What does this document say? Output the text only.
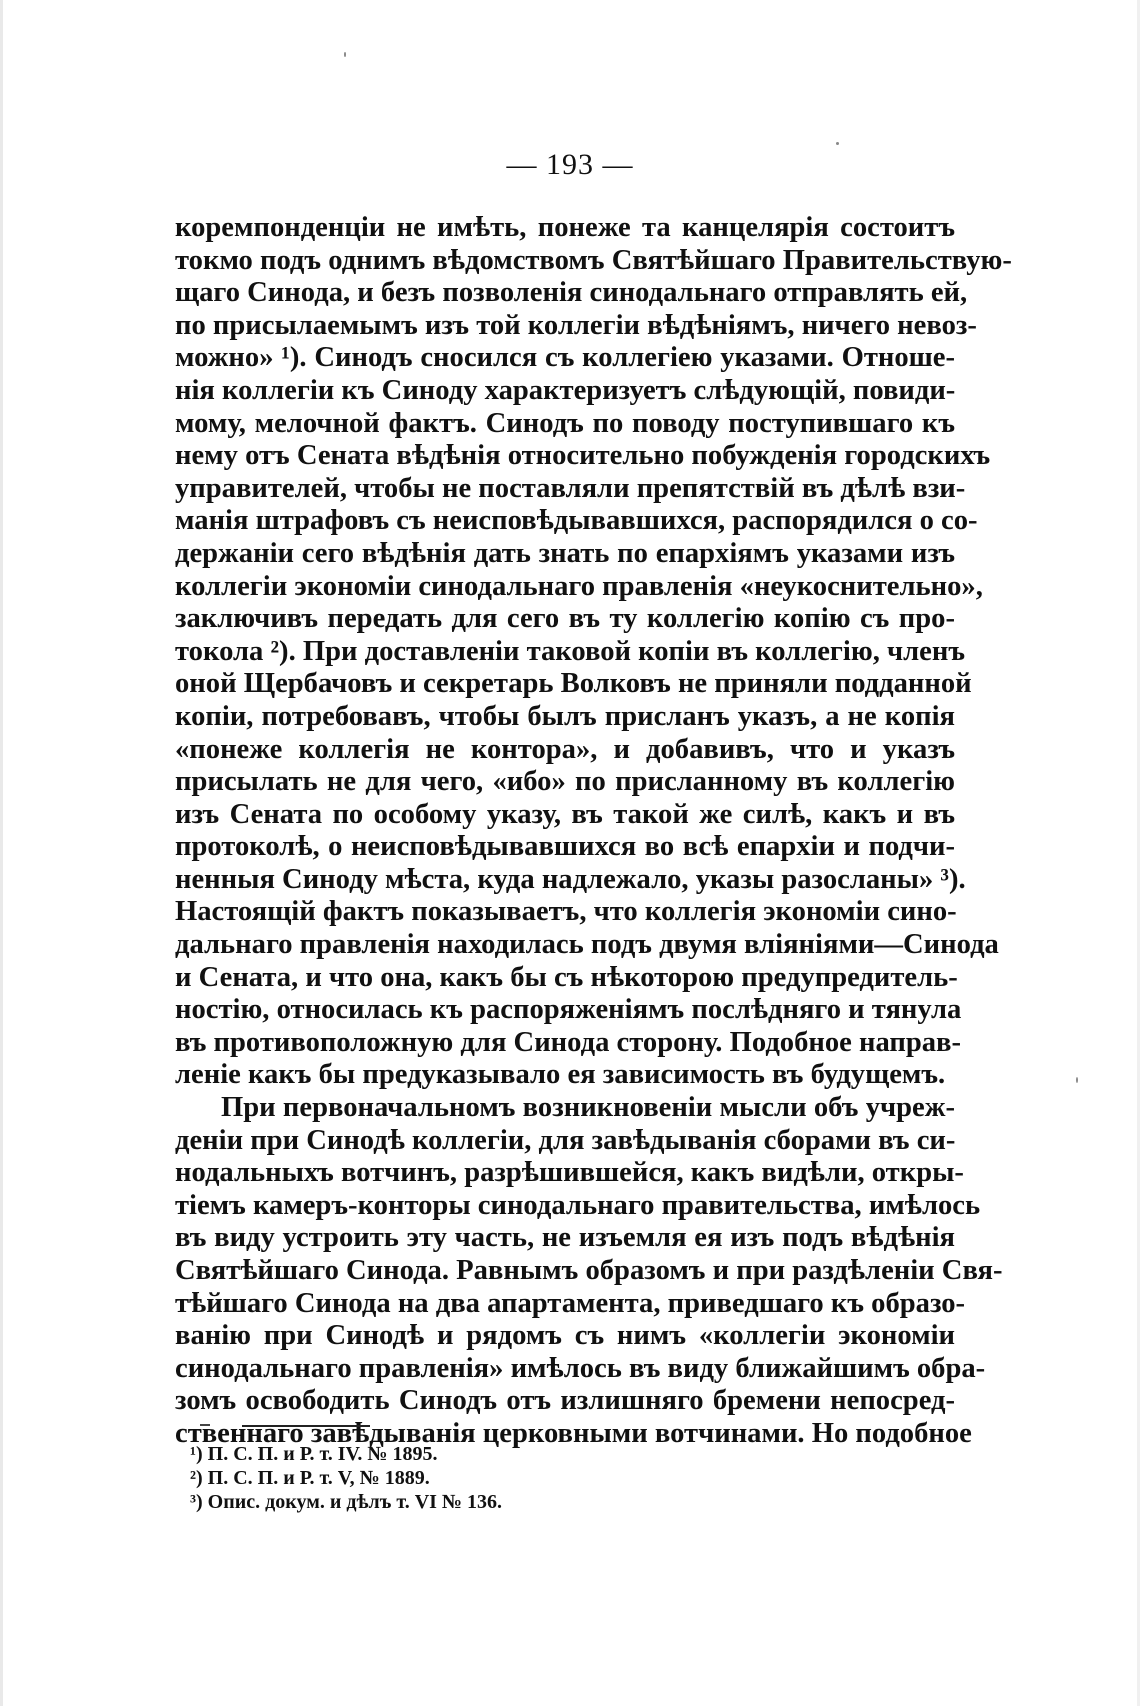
— 193 —
коремпонденціи не имѣть, понеже та канцелярія состоитъ
токмо подъ однимъ вѣдомствомъ Святѣйшаго Правительствую-
щаго Синода, и безъ позволенія синодальнаго отправлять ей,
по присылаемымъ изъ той коллегіи вѣдѣніямъ, ничего невоз-
можно» ¹). Синодъ сносился съ коллегіею указами. Отноше-
нія коллегіи къ Синоду характеризуетъ слѣдующій, повиди-
мому, мелочной фактъ. Синодъ по поводу поступившаго къ
нему отъ Сената вѣдѣнія относительно побужденія городскихъ
управителей, чтобы не поставляли препятствій въ дѣлѣ взи-
манія штрафовъ съ неисповѣдывавшихся, распорядился о со-
держаніи сего вѣдѣнія дать знать по епархіямъ указами изъ
коллегіи экономіи синодальнаго правленія «неукоснительно»,
заключивъ передать для сего въ ту коллегію копію съ про-
токола ²). При доставленіи таковой копіи въ коллегію, членъ
оной Щербачовъ и секретарь Волковъ не приняли подданной
копіи, потребовавъ, чтобы былъ присланъ указъ, а не копія
«понеже коллегія не контора», и добавивъ, что и указъ
присылать не для чего, «ибо» по присланному въ коллегію
изъ Сената по особому указу, въ такой же силѣ, какъ и въ
протоколѣ, о неисповѣдывавшихся во всѣ епархіи и подчи-
ненныя Синоду мѣста, куда надлежало, указы разосланы» ³).
Настоящій фактъ показываетъ, что коллегія экономіи сино-
дальнаго правленія находилась подъ двумя вліяніями—Синода
и Сената, и что она, какъ бы съ нѣкоторою предупредитель-
ностію, относилась къ распоряженіямъ послѣдняго и тянула
въ противоположную для Синода сторону. Подобное направ-
леніе какъ бы предуказывало ея зависимость въ будущемъ.
При первоначальномъ возникновеніи мысли объ учреж-
деніи при Синодѣ коллегіи, для завѣдыванія сборами въ си-
нодальныхъ вотчинъ, разрѣшившейся, какъ видѣли, откры-
тіемъ камеръ-конторы синодальнаго правительства, имѣлось
въ виду устроить эту часть, не изъемля ея изъ подъ вѣдѣнія
Святѣйшаго Синода. Равнымъ образомъ и при раздѣленіи Свя-
тѣйшаго Синода на два апартамента, приведшаго къ образо-
ванію при Синодѣ и рядомъ съ нимъ «коллегіи экономіи
синодальнаго правленія» имѣлось въ виду ближайшимъ обра-
зомъ освободить Синодъ отъ излишняго бремени непосред-
ственнаго завѣдыванія церковными вотчинами. Но подобное
¹) П. С. П. и Р. т. IV. № 1895.
²) П. С. П. и Р. т. V, № 1889.
³) Опис. докум. и дѣлъ т. VI № 136.
